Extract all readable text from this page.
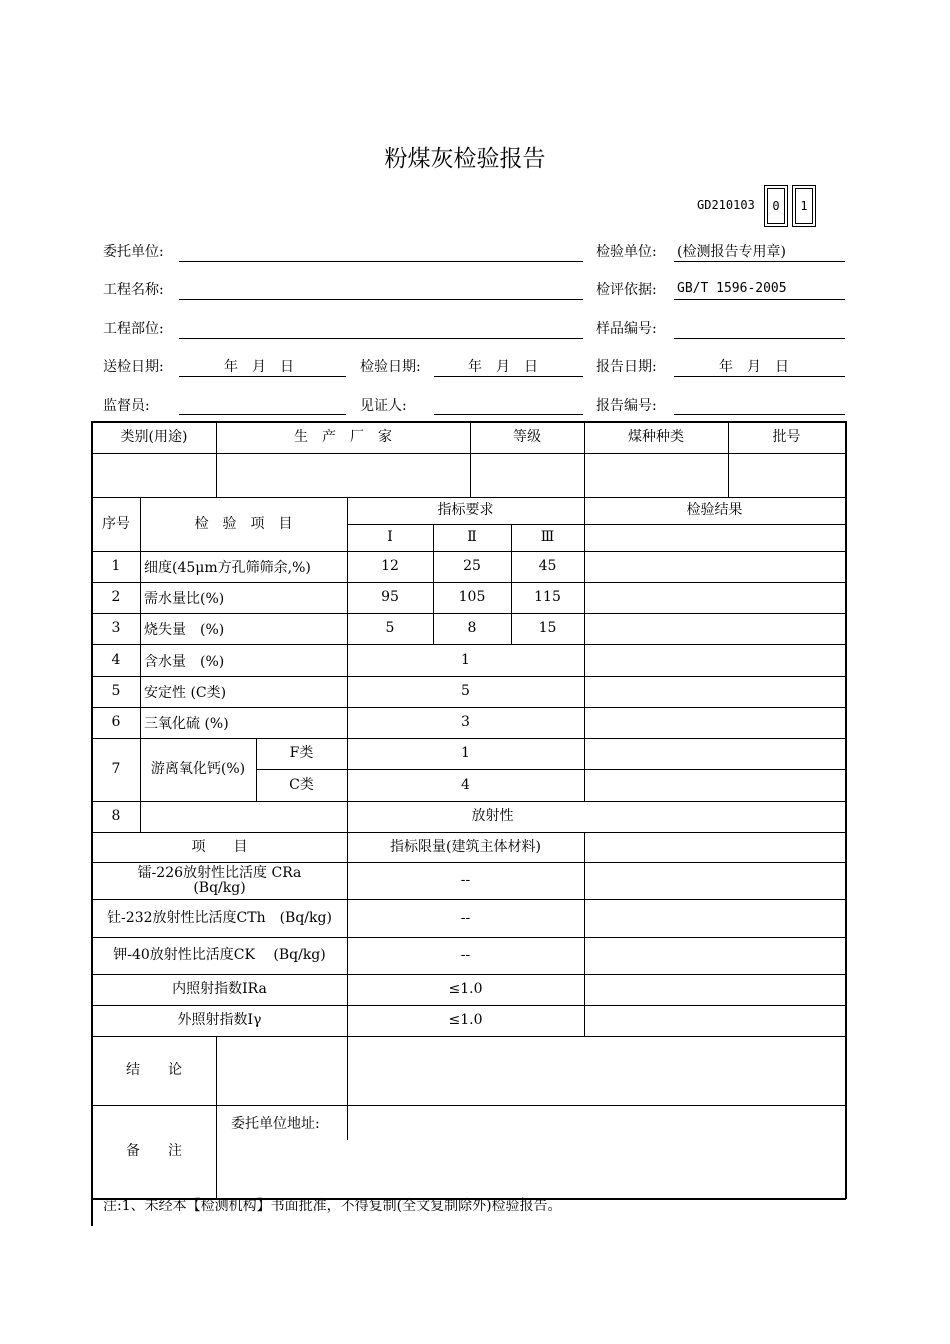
粉煤灰检验报告
GD210103	0	1
委托单位:	检验单位: (检测报告专用章)
工程名称:	检评依据: GB/T 1596-2005
工程部位:	样品编号:
送检日期:	年　月　日	检验日期:	年　月　日	报告日期:	年　月　日
监督员:	见证人:	报告编号:
类别(用途)	生　产　厂　家	等级	煤种种类	批号
序号	检　验　项　目
指标要求	检验结果
Ⅰ	Ⅱ	Ⅲ
1	细度(45μm方孔筛筛余,%)	12	25	45
2	需水量比(%)	95	105	115
3	烧失量　(%)	5	8	15
4	含水量　(%)	1
5	安定性 (C类)	5
6	三氧化硫 (%)	3
7	游离氧化钙(%)
F类	1
C类	4
8	放射性
项　　目	指标限量(建筑主体材料)
镭-226放射性比活度 CRa (Bq/kg)	--
钍-232放射性比活度CTh　(Bq/kg)	--
钾-40放射性比活度CK　 (Bq/kg)	--
内照射指数IRa	≤1.0
外照射指数Iγ	≤1.0
结　　论
备　　注
委托单位地址:
注:1、未经本【检测机构】书面批准，不得复制(全文复制除外)检验报告。
